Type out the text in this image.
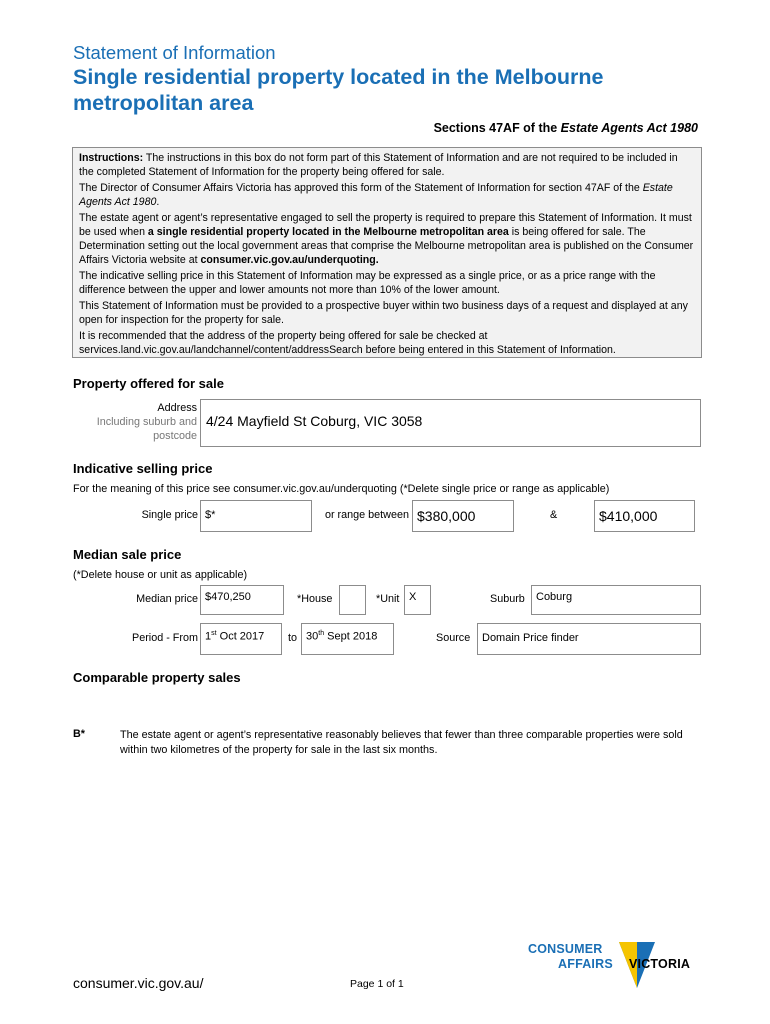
Statement of Information
Single residential property located in the Melbourne metropolitan area
Sections 47AF of the Estate Agents Act 1980

Instructions: The instructions in this box do not form part of this Statement of Information and are not required to be included in the completed Statement of Information for the property being offered for sale.

The Director of Consumer Affairs Victoria has approved this form of the Statement of Information for section 47AF of the Estate Agents Act 1980.

The estate agent or agent’s representative engaged to sell the property is required to prepare this Statement of Information. It must be used when a single residential property located in the Melbourne metropolitan area is being offered for sale. The Determination setting out the local government areas that comprise the Melbourne metropolitan area is published on the Consumer Affairs Victoria website at consumer.vic.gov.au/underquoting.

The indicative selling price in this Statement of Information may be expressed as a single price, or as a price range with the difference between the upper and lower amounts not more than 10% of the lower amount.

This Statement of Information must be provided to a prospective buyer within two business days of a request and displayed at any open for inspection for the property for sale.

It is recommended that the address of the property being offered for sale be checked at services.land.vic.gov.au/landchannel/content/addressSearch before being entered in this Statement of Information.

Property offered for sale
Address
Including suburb and
postcode
4/24 Mayfield St Coburg, VIC 3058
Indicative selling price
For the meaning of this price see consumer.vic.gov.au/underquoting (*Delete single price or range as applicable)
Single price $*	or range between $380,000	&	$410,000
Median sale price
(*Delete house or unit as applicable)
Median price $470,250	*House	*Unit X	Suburb	Coburg
Period - From 1st Oct 2017	to 30th Sept 2018	Source	Domain Price finder
Comparable property sales
B*	The estate agent or agent’s representative reasonably believes that fewer than three comparable properties were sold within two kilometres of the property for sale in the last six months.
consumer.vic.gov.au/	Page 1 of 1
CONSUMER
AFFAIRS VICTORIA
